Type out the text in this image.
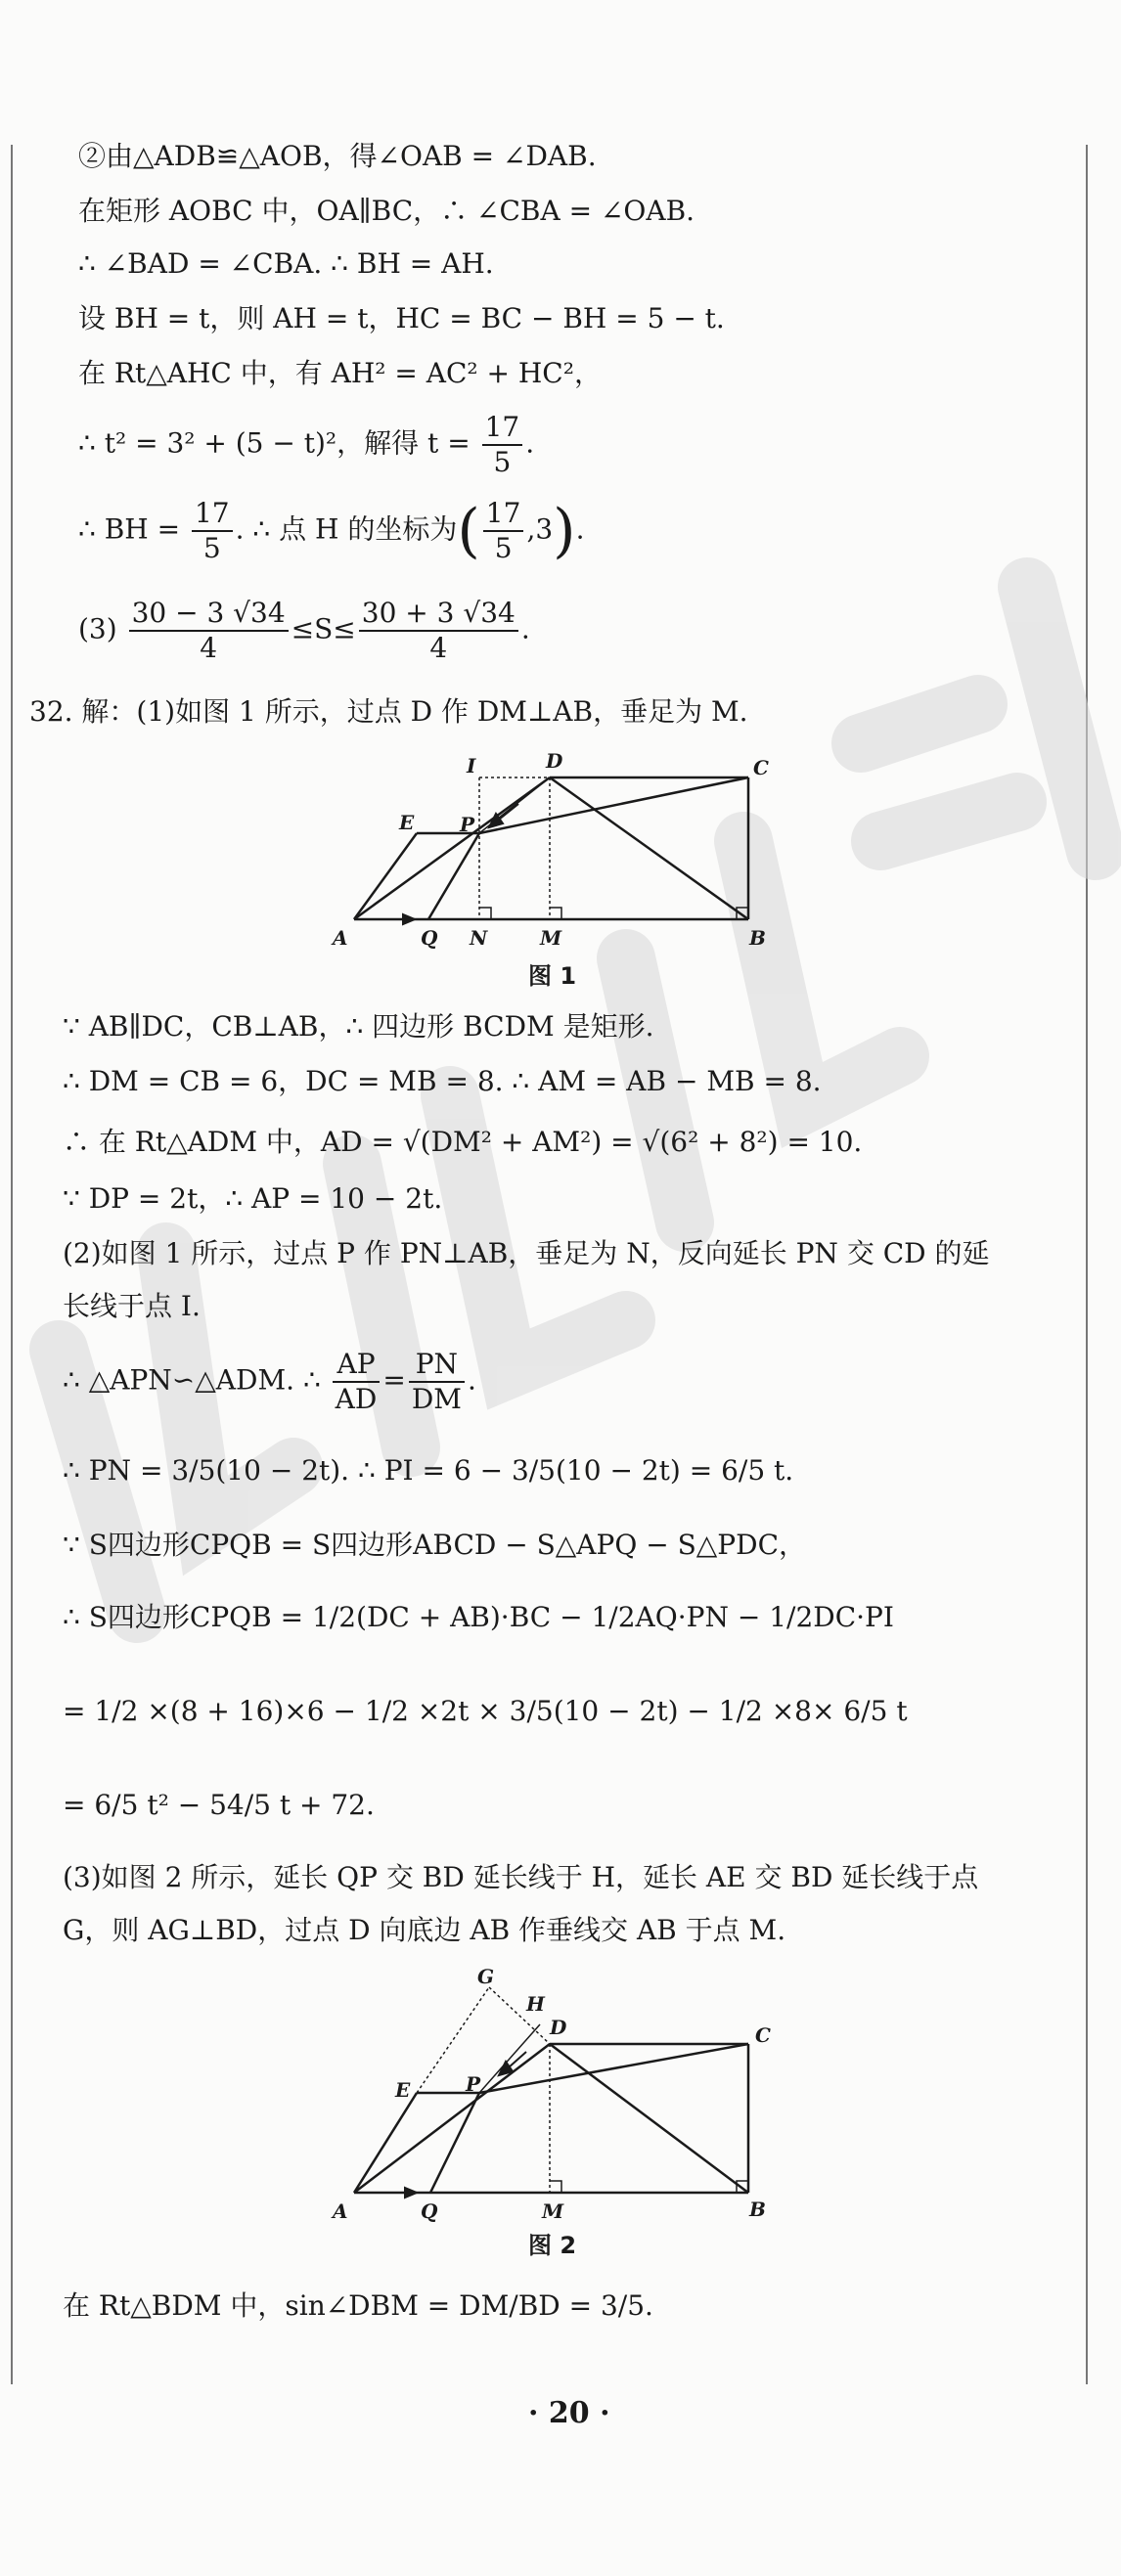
②由△ADB≌△AOB，得∠OAB = ∠DAB.
在矩形 AOBC 中，OA∥BC，∴ ∠CBA = ∠OAB.
∴ ∠BAD = ∠CBA. ∴ BH = AH.
设 BH = t，则 AH = t，HC = BC − BH = 5 − t.
在 Rt△AHC 中，有 AH² = AC² + HC²，
∴ t² = 3² + (5 − t)²，解得 $t = \frac{17}{5}$ .
∴ BH = $\frac{17}{5}$ . ∴ 点 H 的坐标为( $\frac{17}{5} ,3$).
$(3) \frac{30 - 3 √34}{4} \le S\le \frac{30 + 3 √34}{4}$ .
32. 解：(1)如图 1 所示，过点 D 作 DM⊥AB，垂足为 M.
I	D	C
E P
A	Q N	M	B
图 1
∵ AB∥DC，CB⊥AB，∴ 四边形 BCDM 是矩形.
∴ DM = CB = 6，DC = MB = 8. ∴ AM = AB − MB = 8.
∴ 在 Rt△ADM 中，AD = √(DM² + AM²) = √(6² + 8²) = 10.
∵ DP = 2t，∴ AP = 10 − 2t.
(2)如图 1 所示，过点 P 作 PN⊥AB，垂足为 N，反向延长 PN 交 CD 的延
长线于点 I.
∴ △APN∽△ADM. ∴ $\frac{AP}{AD} = \frac{PN}{DM}$ .
∴ PN = 3/5(10 − 2t). ∴ PI = 6 − 3/5(10 − 2t) = 6/5 t.
∵ S四边形CPQB = S四边形ABCD − S△APQ − S△PDC，
∴ S四边形CPQB = 1/2(DC + AB)·BC − 1/2AQ·PN − 1/2DC·PI
= 1/2 ×(8 + 16)×6 − 1/2 ×2t × 3/5(10 − 2t) − 1/2 ×8× 6/5 t
= 6/5 t² − 54/5 t + 72.
(3)如图 2 所示，延长 QP 交 BD 延长线于 H，延长 AE 交 BD 延长线于点
G，则 AG⊥BD，过点 D 向底边 AB 作垂线交 AB 于点 M.
G
H
D	C
E	P
A	Q	M	B
图 2
在 Rt△BDM 中，sin∠DBM = DM/BD = 3/5.
· 20 ·
